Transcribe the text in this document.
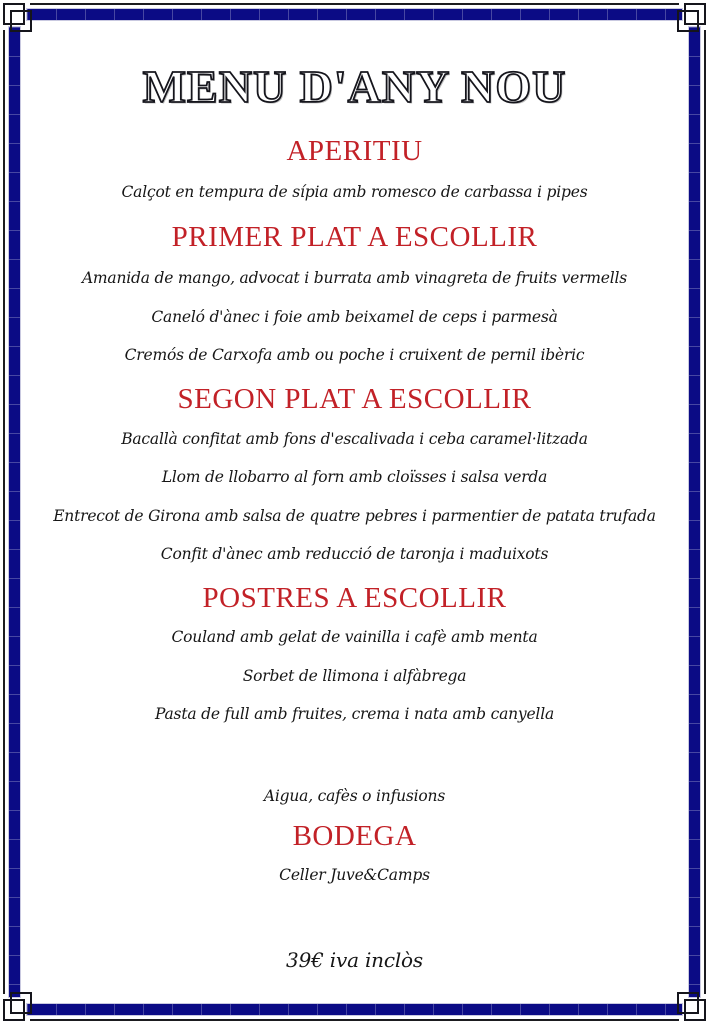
MENU D'ANY NOU
APERITIU

Calçot en tempura de sípia amb romesco de carbassa i pipes

PRIMER PLAT A ESCOLLIR

Amanida de mango, advocat i burrata amb vinagreta de fruits vermells

Caneló d'ànec i foie amb beixamel de ceps i parmesà

Cremós de Carxofa amb ou poche i cruixent de pernil ibèric

SEGON PLAT A ESCOLLIR

Bacallà confitat amb fons d'escalivada i ceba caramel·litzada

Llom de llobarro al forn amb cloïsses i salsa verda

Entrecot de Girona amb salsa de quatre pebres i parmentier de patata trufada

Confit d'ànec amb reducció de taronja i maduixots

POSTRES A ESCOLLIR

Couland amb gelat de vainilla i cafè amb menta

Sorbet de llimona i alfàbrega

Pasta de full amb fruites, crema i nata amb canyella

Aigua, cafès o infusions

BODEGA

Celler Juve&Camps

39€ iva inclòs
